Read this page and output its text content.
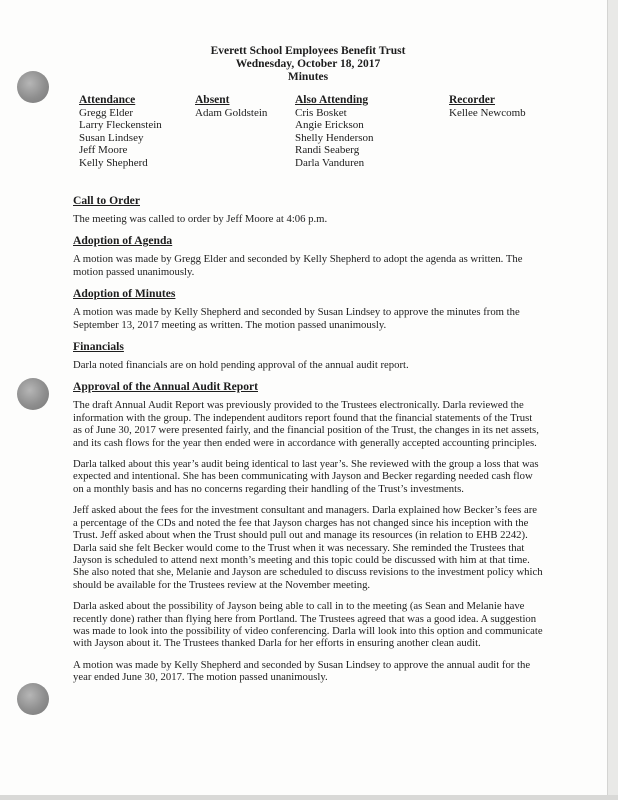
Everett School Employees Benefit Trust
Wednesday, October 18, 2017
Minutes
Attendance
Gregg Elder
Larry Fleckenstein
Susan Lindsey
Jeff Moore
Kelly Shepherd
Absent
Adam Goldstein
Also Attending
Cris Bosket
Angie Erickson
Shelly Henderson
Randi Seaberg
Darla Vanduren
Recorder
Kellee Newcomb
Call to Order

The meeting was called to order by Jeff Moore at 4:06 p.m.

Adoption of Agenda

A motion was made by Gregg Elder and seconded by Kelly Shepherd to adopt the agenda as written. The motion passed unanimously.

Adoption of Minutes

A motion was made by Kelly Shepherd and seconded by Susan Lindsey to approve the minutes from the September 13, 2017 meeting as written. The motion passed unanimously.

Financials

Darla noted financials are on hold pending approval of the annual audit report.

Approval of the Annual Audit Report

The draft Annual Audit Report was previously provided to the Trustees electronically. Darla reviewed the information with the group. The independent auditors report found that the financial statements of the Trust as of June 30, 2017 were presented fairly, and the financial position of the Trust, the changes in its net assets, and its cash flows for the year then ended were in accordance with generally accepted accounting principles.

Darla talked about this year’s audit being identical to last year’s. She reviewed with the group a loss that was expected and intentional. She has been communicating with Jayson and Becker regarding needed cash flow on a monthly basis and has no concerns regarding their handling of the Trust’s investments.

Jeff asked about the fees for the investment consultant and managers. Darla explained how Becker’s fees are a percentage of the CDs and noted the fee that Jayson charges has not changed since his inception with the Trust. Jeff asked about when the Trust should pull out and manage its resources (in relation to EHB 2242). Darla said she felt Becker would come to the Trust when it was necessary. She reminded the Trustees that Jayson is scheduled to attend next month’s meeting and this topic could be discussed with him at that time. She also noted that she, Melanie and Jayson are scheduled to discuss revisions to the investment policy which should be available for the Trustees review at the November meeting.

Darla asked about the possibility of Jayson being able to call in to the meeting (as Sean and Melanie have recently done) rather than flying here from Portland. The Trustees agreed that was a good idea. A suggestion was made to look into the possibility of video conferencing. Darla will look into this option and communicate with Jayson about it. The Trustees thanked Darla for her efforts in ensuring another clean audit.

A motion was made by Kelly Shepherd and seconded by Susan Lindsey to approve the annual audit for the year ended June 30, 2017. The motion passed unanimously.
